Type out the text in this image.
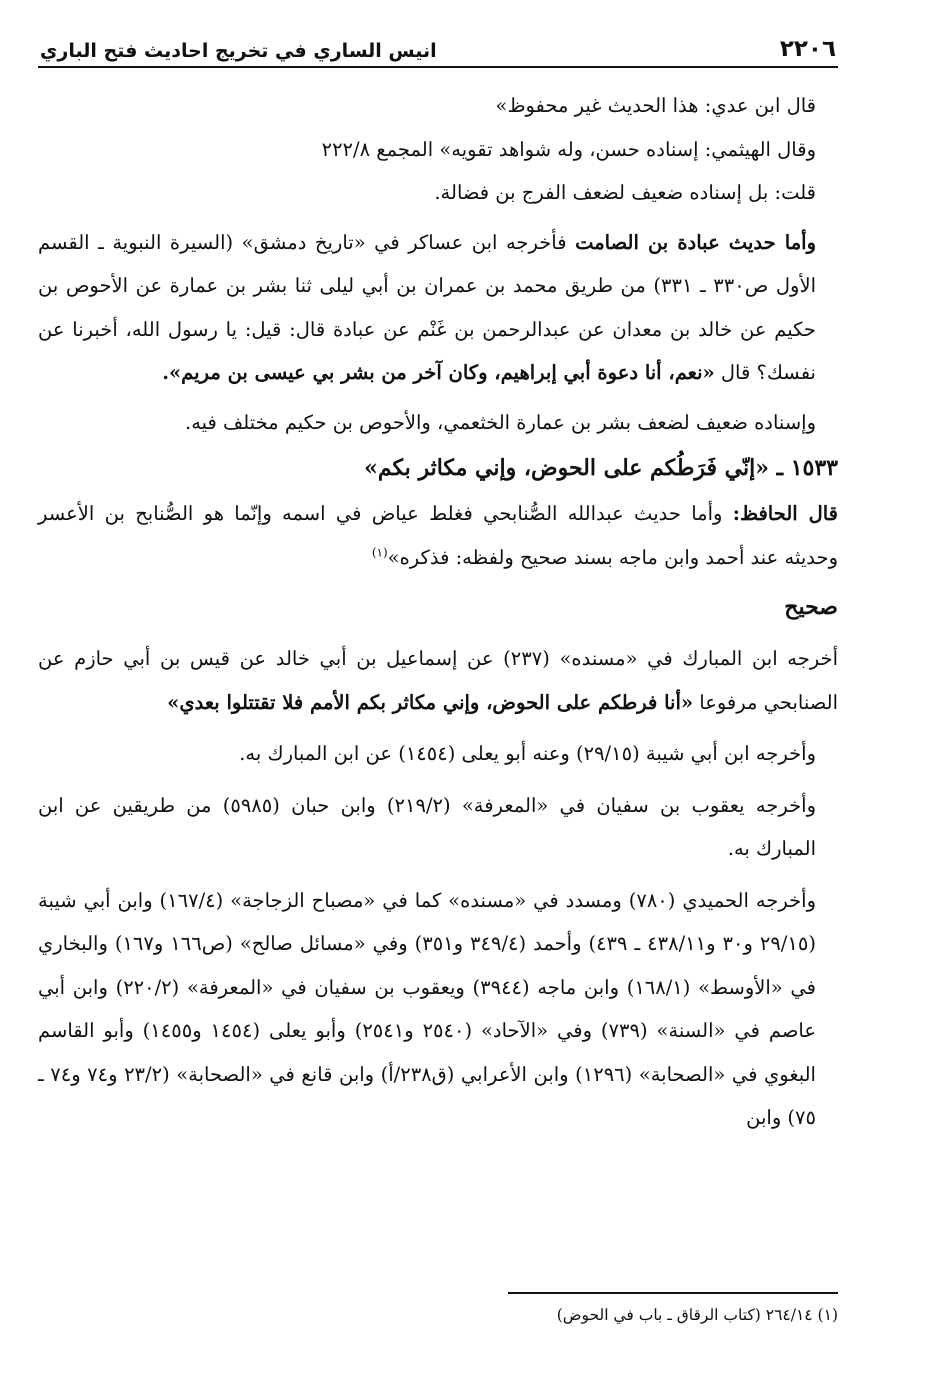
٢٢٠٦
انيس الساري في تخريج احاديث فتح الباري

قال ابن عدي: هذا الحديث غير محفوظ»

وقال الهيثمي: إسناده حسن، وله شواهد تقويه» المجمع ٢٢٢/٨

قلت: بل إسناده ضعيف لضعف الفرج بن فضالة.

وأما حديث عبادة بن الصامت فأخرجه ابن عساكر في «تاريخ دمشق» (السيرة النبوية ـ القسم الأول ص٣٣٠ ـ ٣٣١) من طريق محمد بن عمران بن أبي ليلى ثنا بشر بن عمارة عن الأحوص بن حكيم عن خالد بن معدان عن عبدالرحمن بن غَنْم عن عبادة قال: قيل: يا رسول الله، أخبرنا عن نفسك؟ قال «نعم، أنا دعوة أبي إبراهيم، وكان آخر من بشر بي عيسى بن مريم».

وإسناده ضعيف لضعف بشر بن عمارة الخثعمي، والأحوص بن حكيم مختلف فيه.

١٥٣٣ ـ «إنّي فَرَطُكم على الحوض، وإني مكاثر بكم»

قال الحافظ: وأما حديث عبدالله الصُّنابحي فغلط عياض في اسمه وإنّما هو الصُّنابح بن الأعسر وحديثه عند أحمد وابن ماجه بسند صحيح ولفظه: فذكره»$^{(١)}$

صحيح

أخرجه ابن المبارك في «مسنده» (٢٣٧) عن إسماعيل بن أبي خالد عن قيس بن أبي حازم عن الصنابحي مرفوعا «أنا فرطكم على الحوض، وإني مكاثر بكم الأمم فلا تقتتلوا بعدي»

وأخرجه ابن أبي شيبة (٢٩/١٥) وعنه أبو يعلى (١٤٥٤) عن ابن المبارك به.

وأخرجه يعقوب بن سفيان في «المعرفة» (٢١٩/٢) وابن حبان (٥٩٨٥) من طريقين عن ابن المبارك به.

وأخرجه الحميدي (٧٨٠) ومسدد في «مسنده» كما في «مصباح الزجاجة» (١٦٧/٤) وابن أبي شيبة (٢٩/١٥ و٣٠ و٤٣٨/١١ ـ ٤٣٩) وأحمد (٣٤٩/٤ و٣٥١) وفي «مسائل صالح» (ص١٦٦ و١٦٧) والبخاري في «الأوسط» (١٦٨/١) وابن ماجه (٣٩٤٤) ويعقوب بن سفيان في «المعرفة» (٢٢٠/٢) وابن أبي عاصم في «السنة» (٧٣٩) وفي «الآحاد» (٢٥٤٠ و٢٥٤١) وأبو يعلى (١٤٥٤ و١٤٥٥) وأبو القاسم البغوي في «الصحابة» (١٢٩٦) وابن الأعرابي (ق٢٣٨/أ) وابن قانع في «الصحابة» (٢٣/٢ و٧٤ و٧٤ ـ ٧٥) وابن

(١) ٢٦٤/١٤ (كتاب الرقاق ـ باب في الحوض)
